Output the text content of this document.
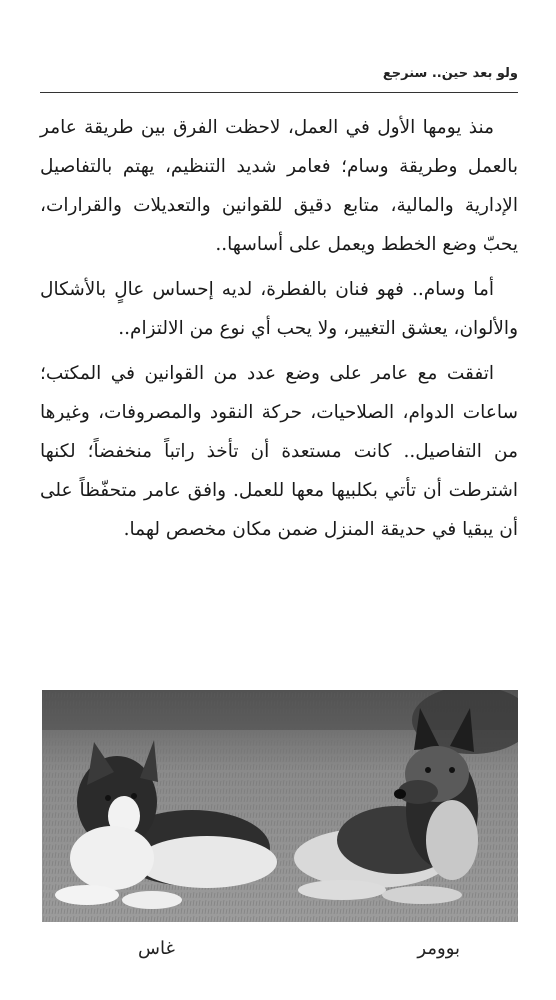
ولو بعد حين.. سنرجع

منذ يومها الأول في العمل، لاحظت الفرق بين طريقة عامر بالعمل وطريقة وسام؛ فعامر شديد التنظيم، يهتم بالتفاصيل الإدارية والمالية، متابع دقيق للقوانين والتعديلات والقرارات، يحبّ وضع الخطط ويعمل على أساسها..

أما وسام.. فهو فنان بالفطرة، لديه إحساس عالٍ بالأشكال والألوان، يعشق التغيير، ولا يحب أي نوع من الالتزام..

اتفقت مع عامر على وضع عدد من القوانين في المكتب؛ ساعات الدوام، الصلاحيات، حركة النقود والمصروفات، وغيرها من التفاصيل.. كانت مستعدة أن تأخذ راتباً منخفضاً؛ لكنها اشترطت أن تأتي بكلبيها معها للعمل. وافق عامر متحفّظاً على أن يبقيا في حديقة المنزل ضمن مكان مخصص لهما.

بوومر
غاس
